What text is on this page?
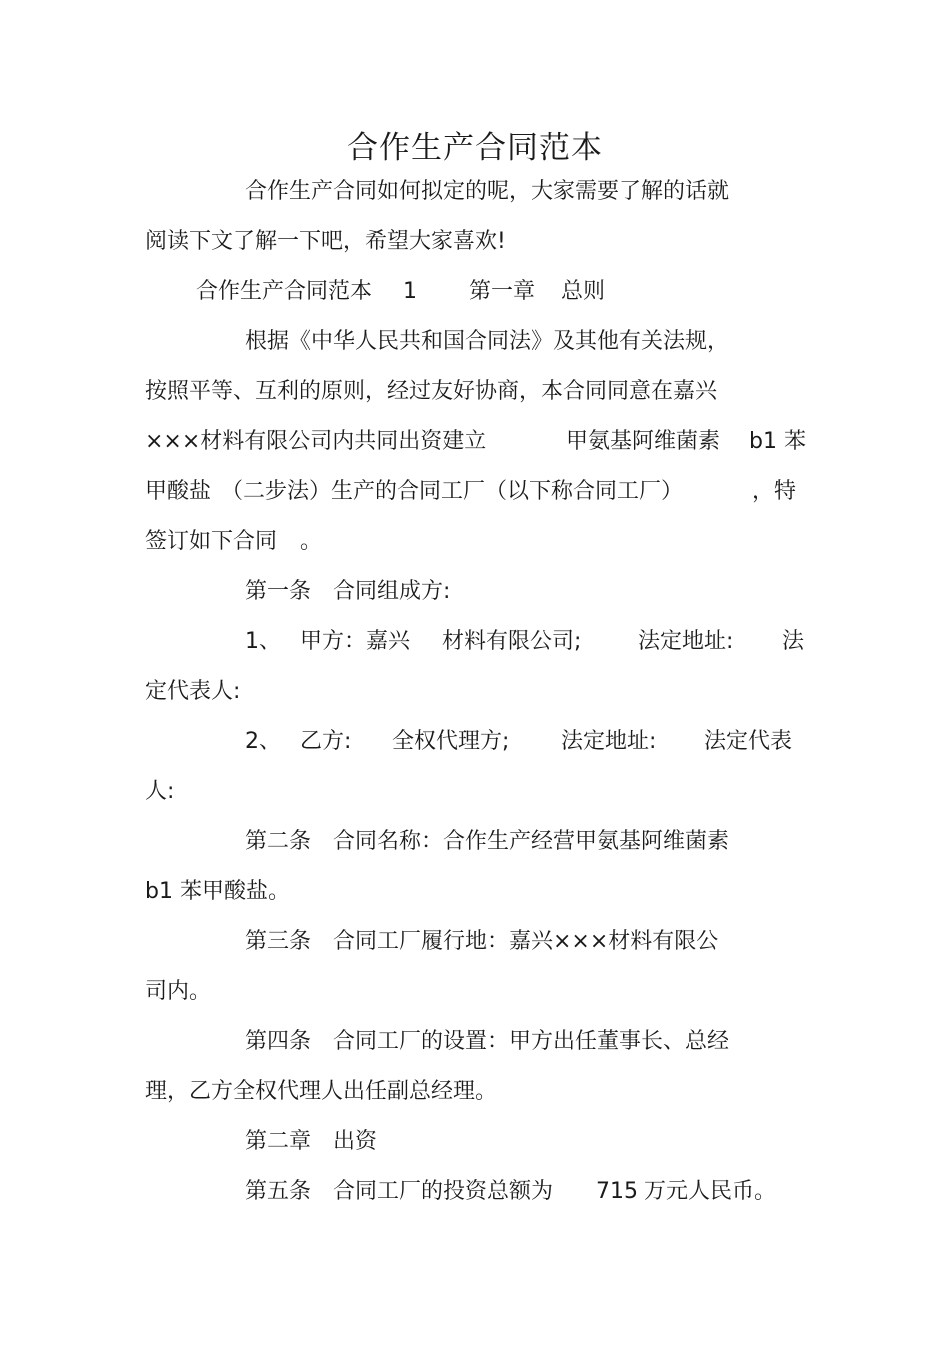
合作生产合同范本
合作生产合同如何拟定的呢，大家需要了解的话就
阅读下文了解一下吧，希望大家喜欢!
合作生产合同范本 1 第一章 总则
根据《中华人民共和国合同法》及其他有关法规，
按照平等、互利的原则，经过友好协商，本合同同意在嘉兴
×××材料有限公司内共同出资建立	甲氨基阿维菌素 b1 苯
甲酸盐 （二步法）生产的合同工厂（以下称合同工厂）	，特
签订如下合同 。
第一条　合同组成方:
1、 甲方：嘉兴 材料有限公司;	法定地址: 法
定代表人:
2、 乙方: 全权代理方; 法定地址: 法定代表
人:
第二条　合同名称：合作生产经营甲氨基阿维菌素
b1 苯甲酸盐。
第三条　合同工厂履行地：嘉兴×××材料有限公
司内。
第四条　合同工厂的设置：甲方出任董事长、总经
理，乙方全权代理人出任副总经理。
第二章　出资
第五条　合同工厂的投资总额为 715 万元人民币。
